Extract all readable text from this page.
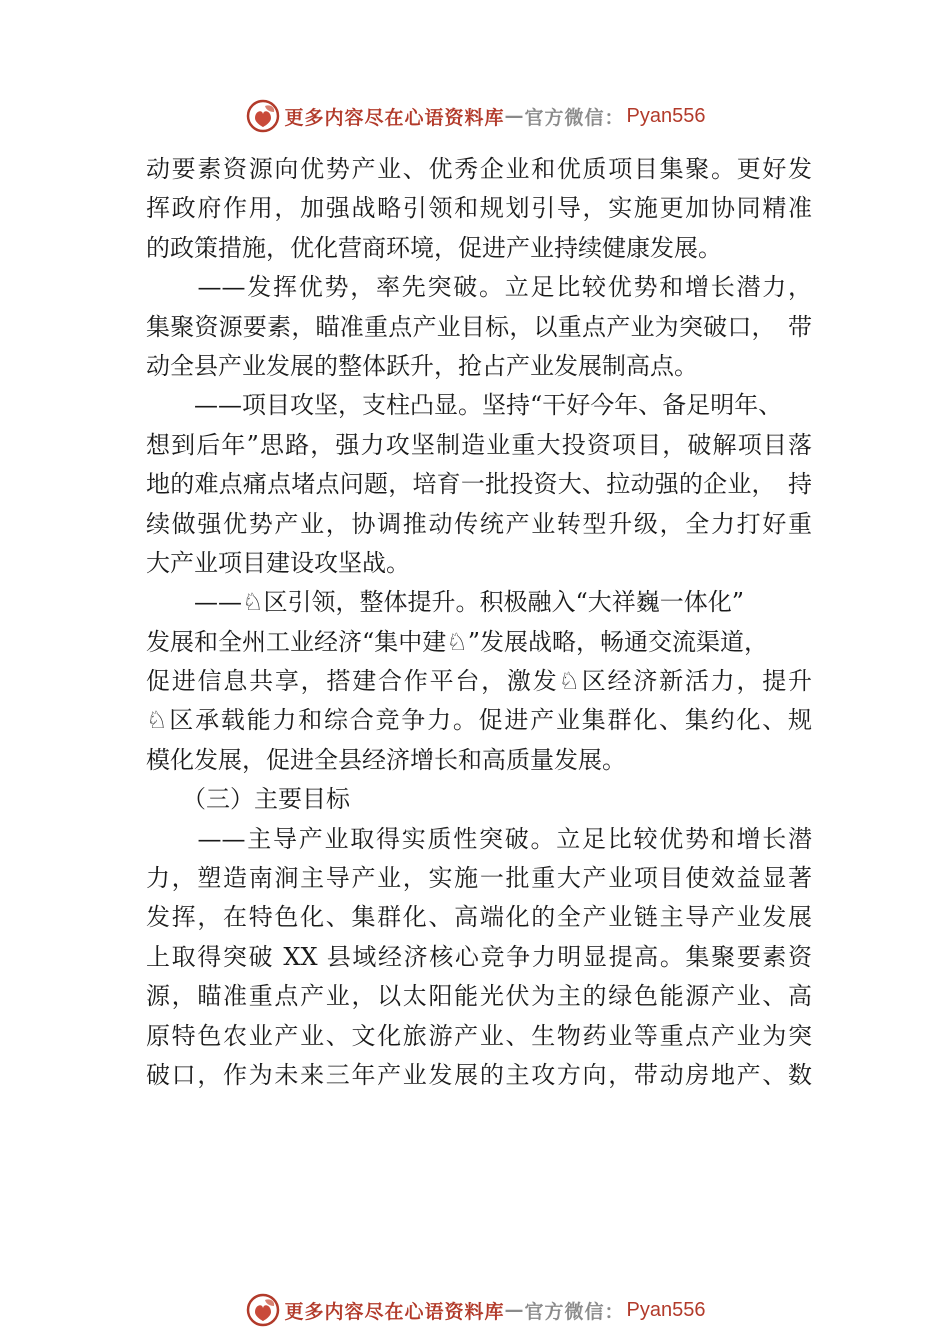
更多内容尽在心语资料库 — 官方微信： Pyan556
动要素资源向优势产业、优秀企业和优质项目集聚。更好发
挥政府作用，加强战略引领和规划引导，实施更加协同精准
的政策措施，优化营商环境，促进产业持续健康发展。
　　——发挥优势，率先突破。立足比较优势和增长潜力，
集聚资源要素，瞄准重点产业目标，以重点产业为突破口，　带
动全县产业发展的整体跃升，抢占产业发展制高点。
　　——项目攻坚，支柱凸显。坚持“干好今年、备足明年、
想到后年”思路，强力攻坚制造业重大投资项目，破解项目落
地的难点痛点堵点问题，培育一批投资大、拉动强的企业，　持
续做强优势产业，协调推动传统产业转型升级，全力打好重
大产业项目建设攻坚战。
　　——♘区引领，整体提升。积极融入“大祥巍一体化”
发展和全州工业经济“集中建♘”发展战略，畅通交流渠道，
促进信息共享，搭建合作平台，激发♘区经济新活力，提升
♘区承载能力和综合竞争力。促进产业集群化、集约化、规
模化发展，促进全县经济增长和高质量发展。
　　（三）主要目标
　　——主导产业取得实质性突破。立足比较优势和增长潜
力，塑造南涧主导产业，实施一批重大产业项目使效益显著
发挥，在特色化、集群化、高端化的全产业链主导产业发展
上取得突破 XX 县域经济核心竞争力明显提高。集聚要素资
源，瞄准重点产业，以太阳能光伏为主的绿色能源产业、高
原特色农业产业、文化旅游产业、生物药业等重点产业为突
破口，作为未来三年产业发展的主攻方向，带动房地产、数
更多内容尽在心语资料库 — 官方微信： Pyan556
